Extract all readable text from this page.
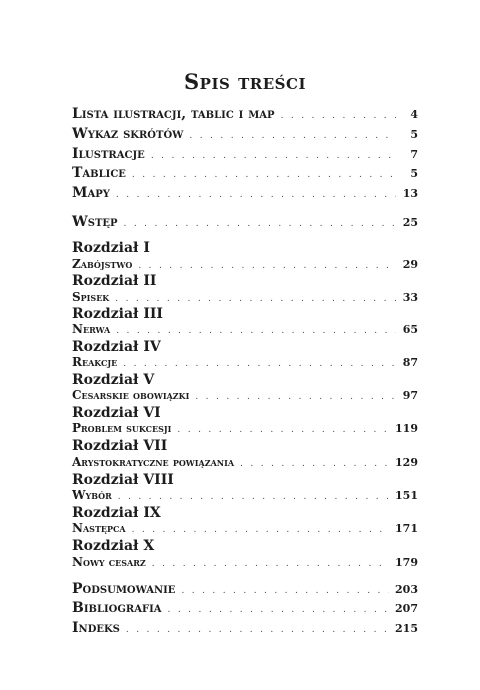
Spis treści
Lista ilustracji, tablic i map . . .	4
Wykaz skrótów . . .	5
Ilustracje . . .	7
Tablice . . .	5
Mapy . . .	13
Wstęp . . .	25
Rozdział I
Zabójstwo . . .	29
Rozdział II
Spisek . . .	33
Rozdział III
Nerwa . . .	65
Rozdział IV
Reakcje . . .	87
Rozdział V
Cesarskie obowiązki . . .	97
Rozdział VI
Problem sukcesji . . .	119
Rozdział VII
Arystokratyczne powiązania . . .	129
Rozdział VIII
Wybór . . .	151
Rozdział IX
Następca . . .	171
Rozdział X
Nowy cesarz . . .	179
Podsumowanie . . .	203
Bibliografia . . .	207
Indeks . . .	215
